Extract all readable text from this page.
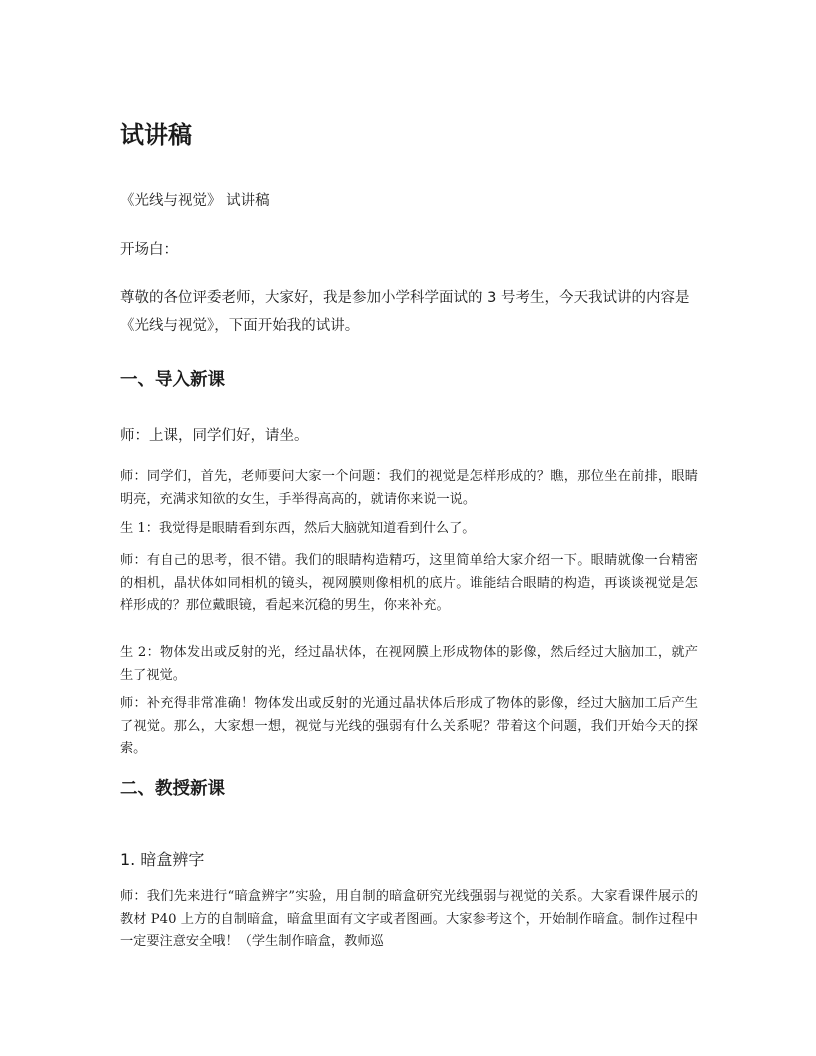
试讲稿

《光线与视觉》 试讲稿

开场白：

尊敬的各位评委老师，大家好，我是参加小学科学面试的 3 号考生，今天我试讲的内容是《光线与视觉》，下面开始我的试讲。

一、导入新课

师：上课，同学们好，请坐。

师：同学们，首先，老师要问大家一个问题：我们的视觉是怎样形成的？瞧，那位坐在前排，眼睛明亮，充满求知欲的女生，手举得高高的，就请你来说一说。

生 1：我觉得是眼睛看到东西，然后大脑就知道看到什么了。

师：有自己的思考，很不错。我们的眼睛构造精巧，这里简单给大家介绍一下。眼睛就像一台精密的相机，晶状体如同相机的镜头，视网膜则像相机的底片。谁能结合眼睛的构造，再谈谈视觉是怎样形成的？那位戴眼镜，看起来沉稳的男生，你来补充。

生 2：物体发出或反射的光，经过晶状体，在视网膜上形成物体的影像，然后经过大脑加工，就产生了视觉。

师：补充得非常准确！物体发出或反射的光通过晶状体后形成了物体的影像，经过大脑加工后产生了视觉。那么，大家想一想，视觉与光线的强弱有什么关系呢？带着这个问题，我们开始今天的探索。

二、教授新课
1. 暗盒辨字

师：我们先来进行“暗盒辨字”实验，用自制的暗盒研究光线强弱与视觉的关系。大家看课件展示的教材 P40 上方的自制暗盒，暗盒里面有文字或者图画。大家参考这个，开始制作暗盒。制作过程中一定要注意安全哦！（学生制作暗盒，教师巡
